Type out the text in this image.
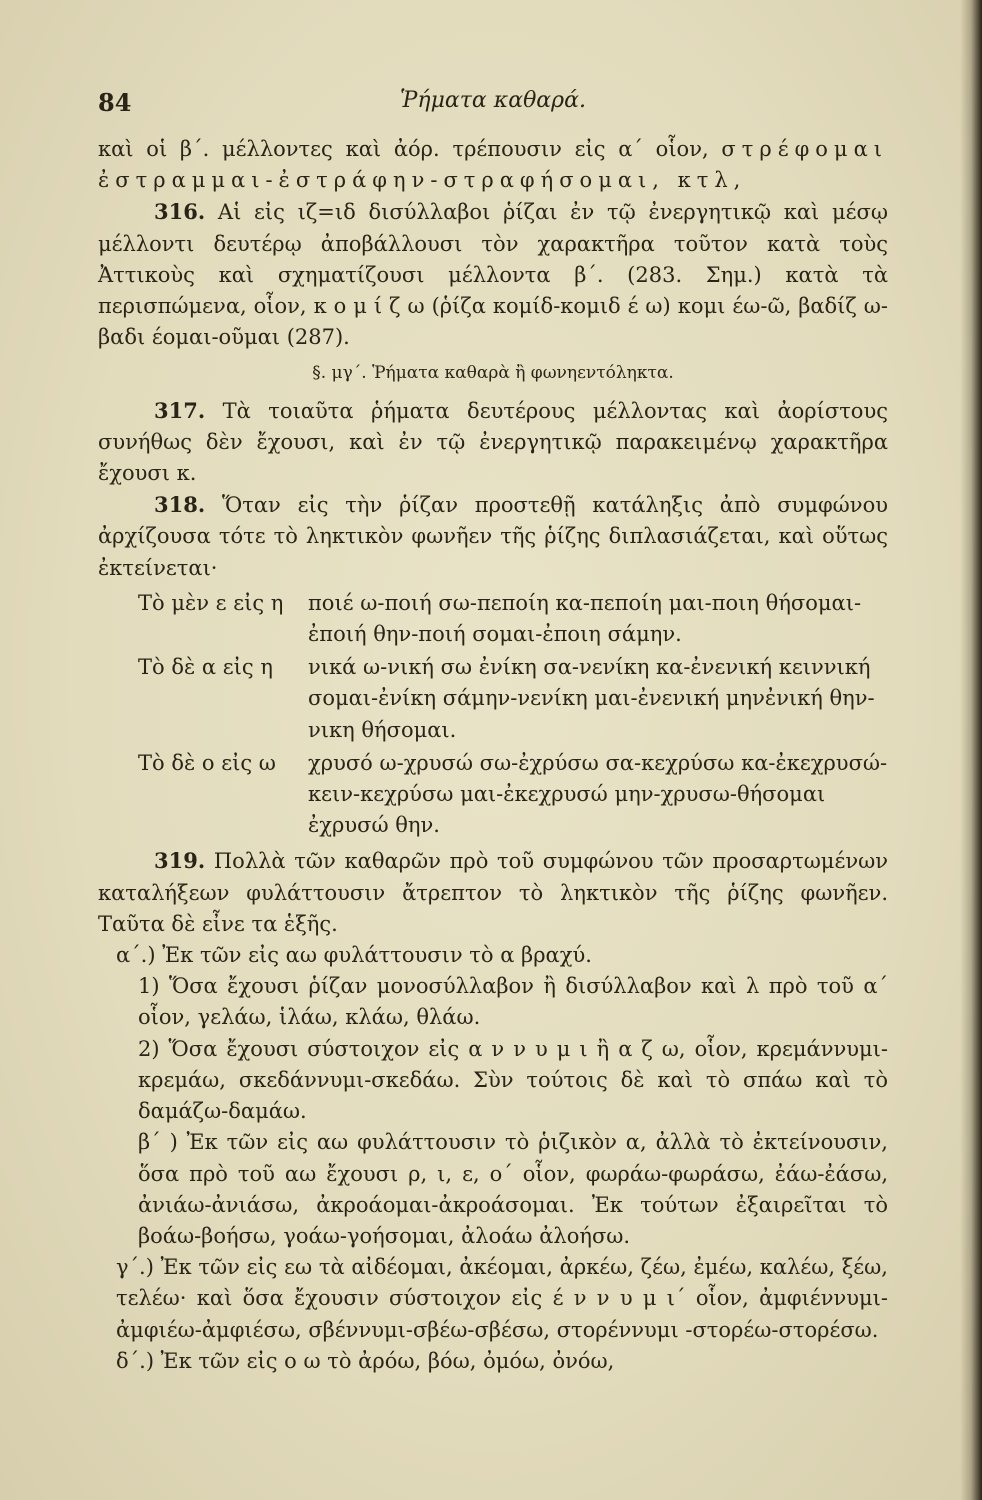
84	Ῥήματα καθαρά.

καὶ οἱ β΄. μέλλοντες καὶ ἀόρ. τρέπουσιν εἰς α΄ οἷον, στρέφομαι ἐστραμμαι-ἐστράφην-στραφήσομαι, κτλ,

316. Αἱ εἰς ιζ=ιδ δισύλλαβοι ῥίζαι ἐν τῷ ἐνεργητικῷ καὶ μέσῳ μέλλοντι δευτέρῳ ἀποβάλλουσι τὸν χαρακτῆρα τοῦτον κατὰ τοὺς Ἀττικοὺς καὶ σχηματίζουσι μέλλοντα β΄. (283. Σημ.) κατὰ τὰ περισπώμενα, οἷον, κ ο μ ί ζ ω (ῥίζα κομίδ-κομιδ έ ω) κομι έω-ῶ, βαδίζ ω-βαδι έομαι-οῦμαι (287).

§. μγ΄. Ῥήματα καθαρὰ ἢ φωνηεντόληκτα.

317. Τὰ τοιαῦτα ῥήματα δευτέρους μέλλοντας καὶ ἀορίστους συνήθως δὲν ἔχουσι, καὶ ἐν τῷ ἐνεργητικῷ παρακειμένῳ χαρακτῆρα ἔχουσι κ.

318. Ὅταν εἰς τὴν ῥίζαν προστεθῇ κατάληξις ἀπὸ συμφώνου ἀρχίζουσα τότε τὸ ληκτικὸν φωνῆεν τῆς ῥίζης διπλασιάζεται, καὶ οὕτως ἐκτείνεται·

Τὸ μὲν ε εἰς η	ποιέ ω-ποιή σω-πεποίη κα-πεποίη μαι-ποιη θήσομαι-ἐποιή θην-ποιή σομαι-ἐποιη σάμην.
Τὸ δὲ α εἰς η	νικά ω-νική σω ἐνίκη σα-νενίκη κα-ἐνενική κειννική σομαι-ἐνίκη σάμην-νενίκη μαι-ἐνενική μηνἐνική θην-νικη θήσομαι.
Τὸ δὲ ο εἰς ω	χρυσό ω-χρυσώ σω-ἐχρύσω σα-κεχρύσω κα-ἐκεχρυσώ-κειν-κεχρύσω μαι-ἐκεχρυσώ μην-χρυσω-θήσομαι ἐχρυσώ θην.

319. Πολλὰ τῶν καθαρῶν πρὸ τοῦ συμφώνου τῶν προσαρτωμένων καταλήξεων φυλάττουσιν ἄτρεπτον τὸ ληκτικὸν τῆς ῥίζης φωνῆεν. Ταῦτα δὲ εἶνε τα ἑξῆς.

α΄.) Ἐκ τῶν εἰς αω φυλάττουσιν τὸ α βραχύ.

1) Ὅσα ἔχουσι ῥίζαν μονοσύλλαβον ἢ δισύλλαβον καὶ λ πρὸ τοῦ α΄ οἷον, γελάω, ἱλάω, κλάω, θλάω.

2) Ὅσα ἔχουσι σύστοιχον εἰς α ν ν υ μ ι ἢ α ζ ω, οἷον, κρεμάννυμι-κρεμάω, σκεδάννυμι-σκεδάω. Σὺν τούτοις δὲ καὶ τὸ σπάω καὶ τὸ δαμάζω-δαμάω.

β΄ ) Ἐκ τῶν εἰς αω φυλάττουσιν τὸ ῥιζικὸν α, ἀλλὰ τὸ ἐκτείνουσιν, ὅσα πρὸ τοῦ αω ἔχουσι ρ, ι, ε, ο΄ οἷον, φωράω-φωράσω, ἐάω-ἐάσω, ἀνιάω-ἀνιάσω, ἀκροάομαι-ἀκροάσομαι. Ἐκ τούτων ἐξαιρεῖται τὸ βοάω-βοήσω, γοάω-γοήσομαι, ἀλοάω ἀλοήσω.

γ΄.) Ἐκ τῶν εἰς εω τὰ αἰδέομαι, ἀκέομαι, ἀρκέω, ζέω, ἐμέω, καλέω, ξέω, τελέω· καὶ ὅσα ἔχουσιν σύστοιχον εἰς έ ν ν υ μ ι΄ οἷον, ἀμφιέννυμι-ἀμφιέω-ἀμφιέσω, σβέννυμι-σβέω-σβέσω, στορέννυμι -στορέω-στορέσω.

δ΄.) Ἐκ τῶν εἰς ο ω τὸ ἀρόω, βόω, ὀμόω, ὀνόω,
